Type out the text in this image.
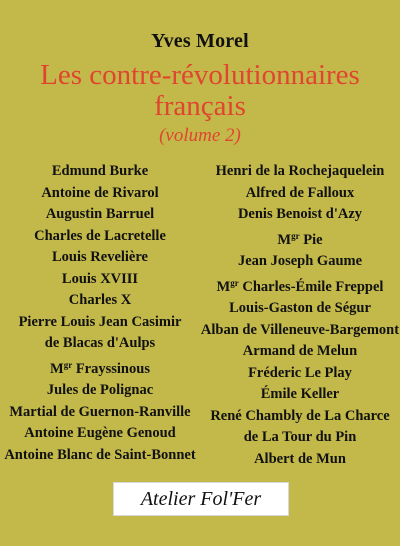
Yves Morel
Les contre-révolutionnaires
français
(volume 2)
Edmund Burke
Antoine de Rivarol
Augustin Barruel
Charles de Lacretelle
Louis Revelière
Louis XVIII
Charles X
Pierre Louis Jean Casimir
de Blacas d'Aulps
$M^{gr}$ Frayssinous
Jules de Polignac
Martial de Guernon-Ranville
Antoine Eugène Genoud
Antoine Blanc de Saint-Bonnet
Henri de la Rochejaquelein
Alfred de Falloux
Denis Benoist d'Azy
$M^{gr}$ Pie
Jean Joseph Gaume
$M^{gr}$ Charles-Émile Freppel
Louis-Gaston de Ségur
Alban de Villeneuve-Bargemont
Armand de Melun
Fréderic Le Play
Émile Keller
René Chambly de La Charce
de La Tour du Pin
Albert de Mun
Atelier Fol'Fer
